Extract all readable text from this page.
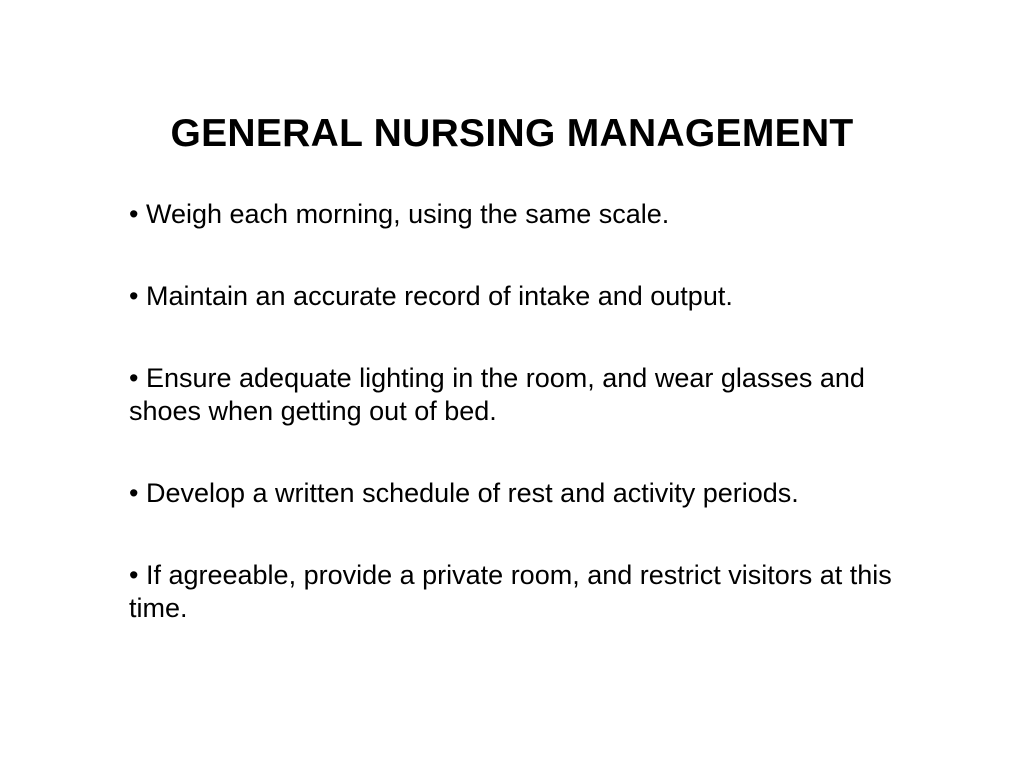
GENERAL NURSING MANAGEMENT
• Weigh each morning, using the same scale.
• Maintain an accurate record of intake and output.
• Ensure adequate lighting in the room, and wear glasses and shoes when getting out of bed.
• Develop a written schedule of rest and activity periods.
• If agreeable, provide a private room, and restrict visitors at this time.
